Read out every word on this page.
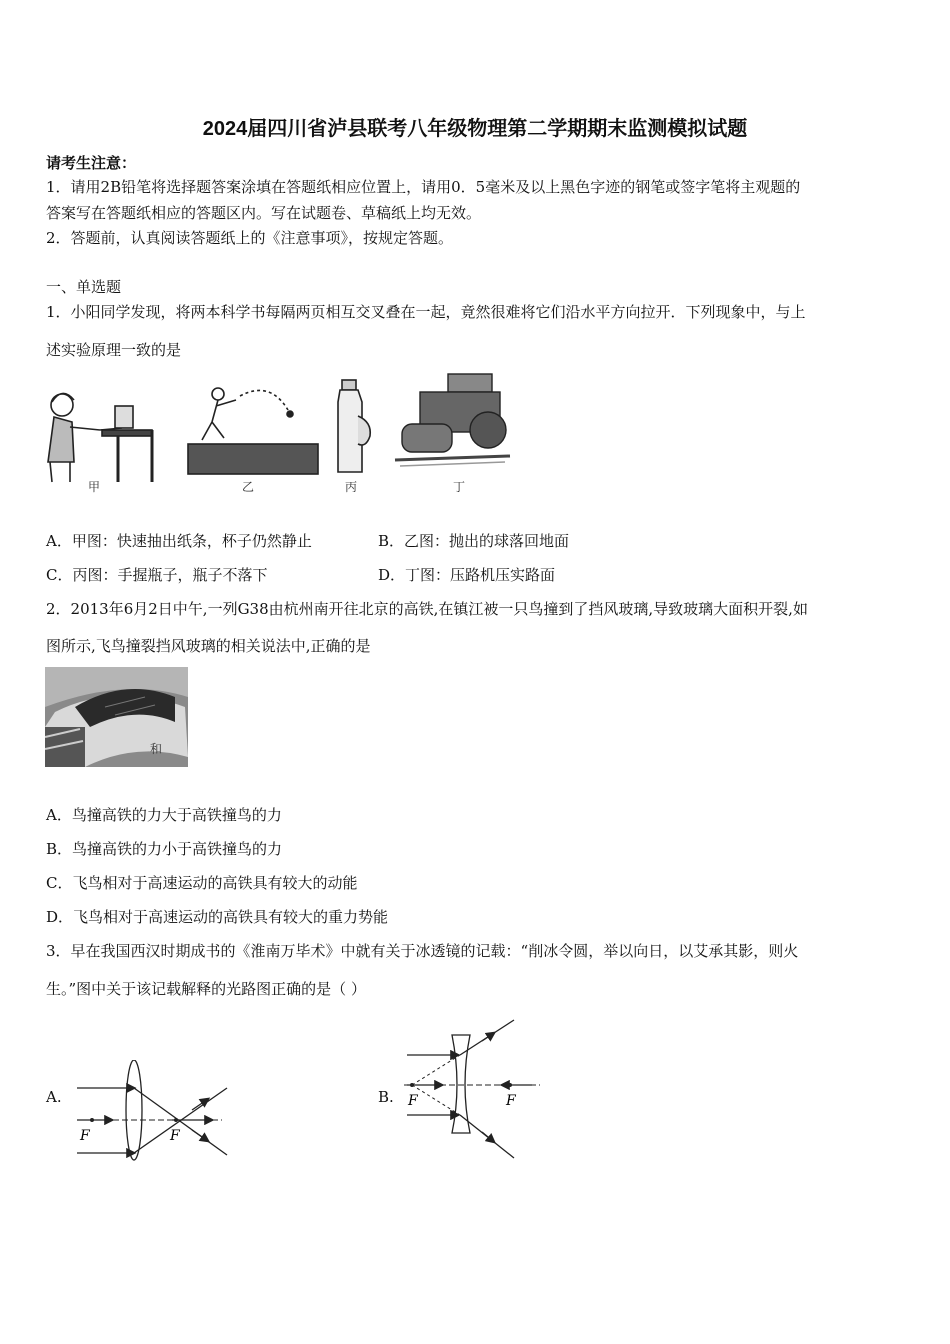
2024届四川省泸县联考八年级物理第二学期期末监测模拟试题
请考生注意：
1．请用2B铅笔将选择题答案涂填在答题纸相应位置上，请用0．5毫米及以上黑色字迹的钢笔或签字笔将主观题的
答案写在答题纸相应的答题区内。写在试题卷、草稿纸上均无效。
2．答题前，认真阅读答题纸上的《注意事项》，按规定答题。
一、单选题
1．小阳同学发现，将两本科学书每隔两页相互交叉叠在一起，竟然很难将它们沿水平方向拉开．下列现象中，与上
述实验原理一致的是
甲	乙	丙	丁
A．甲图：快速抽出纸条，杯子仍然静止	B．乙图：抛出的球落回地面
C．丙图：手握瓶子，瓶子不落下	D．丁图：压路机压实路面
2．2013年6月2日中午,一列G38由杭州南开往北京的高铁,在镇江被一只鸟撞到了挡风玻璃,导致玻璃大面积开裂,如
图所示,飞鸟撞裂挡风玻璃的相关说法中,正确的是
和
A．鸟撞高铁的力大于高铁撞鸟的力
B．鸟撞高铁的力小于高铁撞鸟的力
C．飞鸟相对于高速运动的高铁具有较大的动能
D．飞鸟相对于高速运动的高铁具有较大的重力势能
3．早在我国西汉时期成书的《淮南万毕术》中就有关于冰透镜的记载：“削冰令圆，举以向日，以艾承其影，则火
生。”图中关于该记载解释的光路图正确的是（ ）
A.	B.
F	F
F	F
